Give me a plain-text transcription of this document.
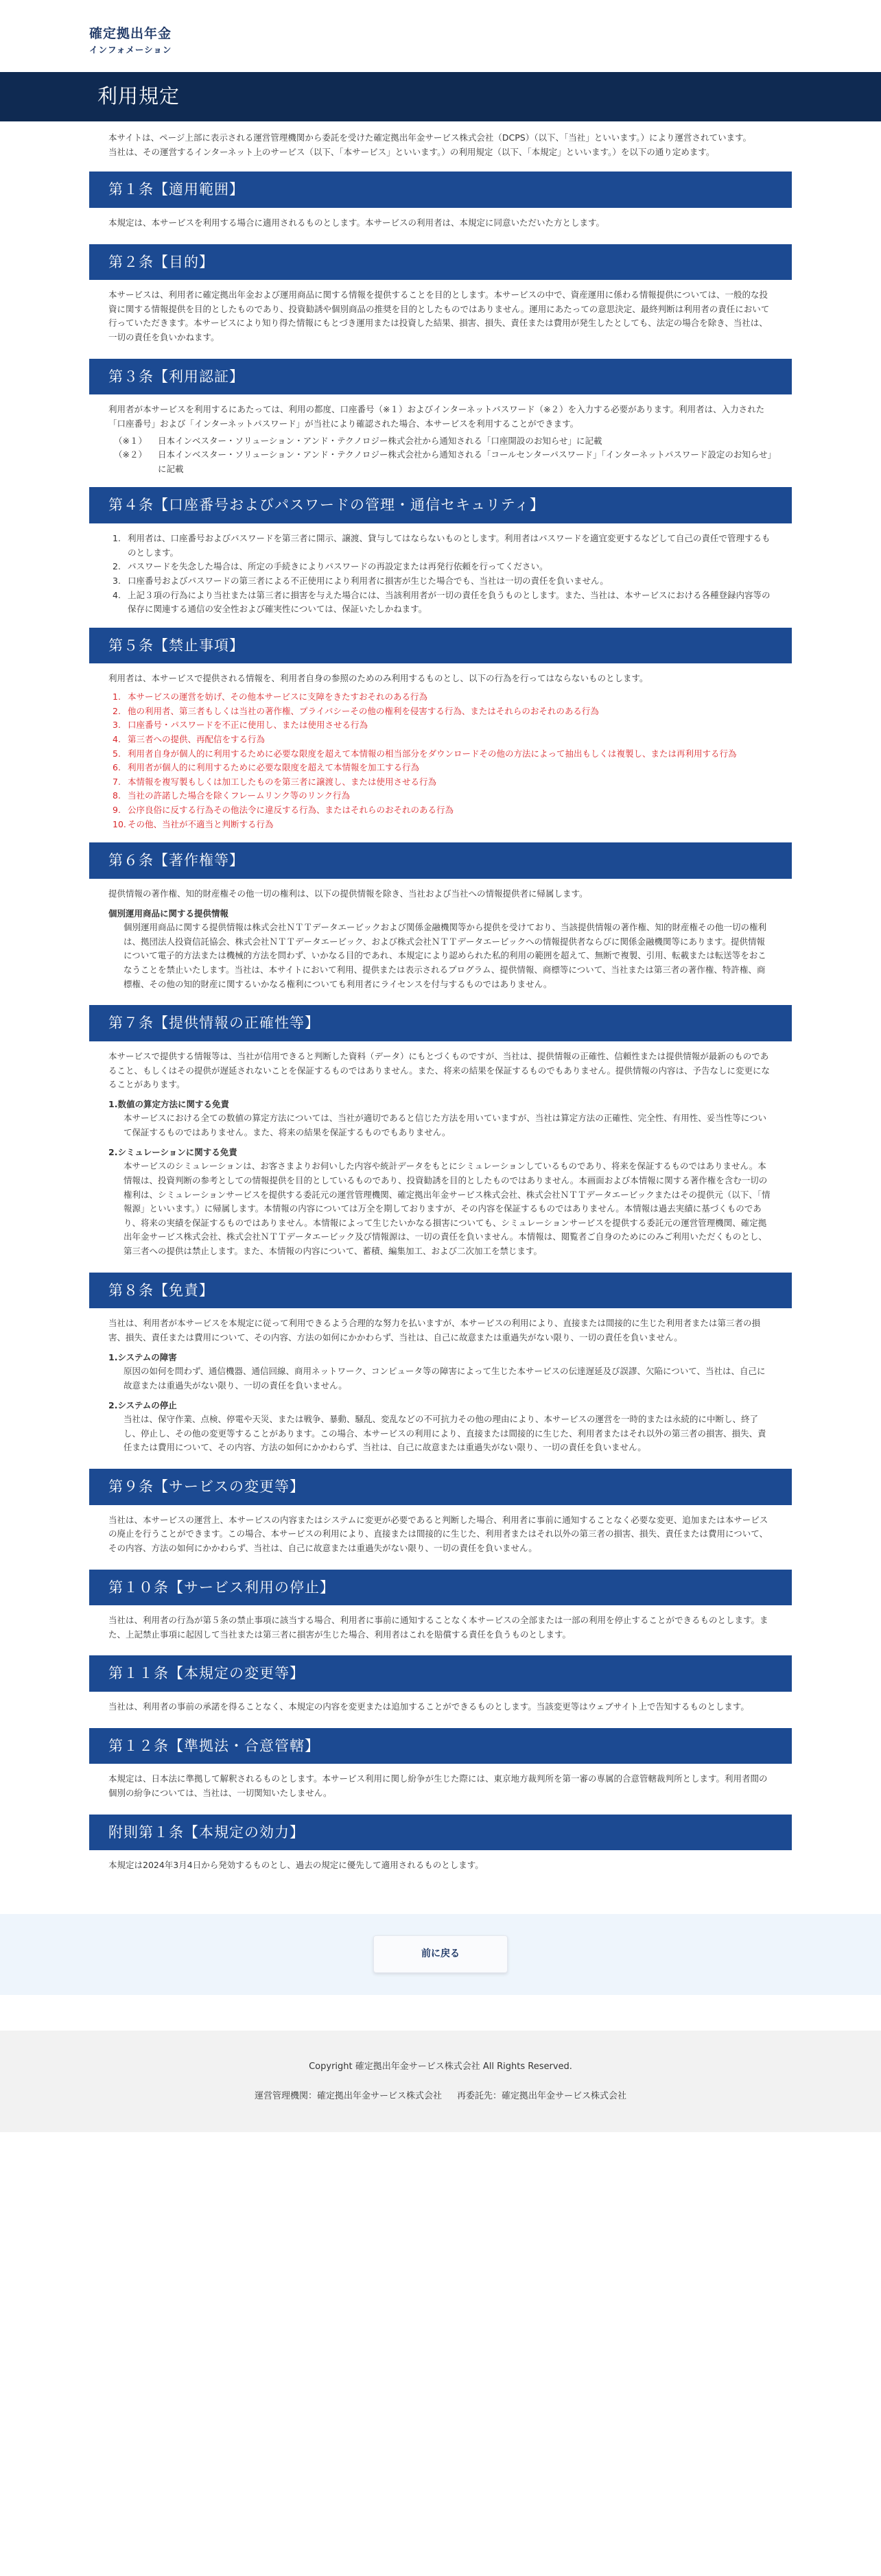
確定拠出年金
インフォメーション
利用規定

本サイトは、ページ上部に表示される運営管理機関から委託を受けた確定拠出年金サービス株式会社（DCPS）（以下、「当社」といいます。）により運営されています。

当社は、その運営するインターネット上のサービス（以下、「本サービス」といいます。）の利用規定（以下、「本規定」といいます。）を以下の通り定めます。

第１条【適用範囲】

本規定は、本サービスを利用する場合に適用されるものとします。本サービスの利用者は、本規定に同意いただいた方とします。

第２条【目的】

本サービスは、利用者に確定拠出年金および運用商品に関する情報を提供することを目的とします。本サービスの中で、資産運用に係わる情報提供については、一般的な投資に関する情報提供を目的としたものであり、投資勧誘や個別商品の推奨を目的としたものではありません。運用にあたっての意思決定、最終判断は利用者の責任において行っていただきます。本サービスにより知り得た情報にもとづき運用または投資した結果、損害、損失、責任または費用が発生したとしても、法定の場合を除き、当社は、一切の責任を負いかねます。

第３条【利用認証】

利用者が本サービスを利用するにあたっては、利用の都度、口座番号（※１）およびインターネットパスワード（※２）を入力する必要があります。利用者は、入力された「口座番号」および「インターネットパスワード」が当社により確認された場合、本サービスを利用することができます。

（※１）	日本インベスター・ソリューション・アンド・テクノロジー株式会社から通知される「口座開設のお知らせ」に記載
（※２）	日本インベスター・ソリューション・アンド・テクノロジー株式会社から通知される「コールセンターパスワード」「インターネットパスワード設定のお知らせ」に記載
第４条【口座番号およびパスワードの管理・通信セキュリティ】
1. 利用者は、口座番号およびパスワードを第三者に開示、譲渡、貸与してはならないものとします。利用者はパスワードを適宜変更するなどして自己の責任で管理するものとします。
2. パスワードを失念した場合は、所定の手続きによりパスワードの再設定または再発行依頼を行ってください。
3. 口座番号およびパスワードの第三者による不正使用により利用者に損害が生じた場合でも、当社は一切の責任を負いません。
4. 上記３項の行為により当社または第三者に損害を与えた場合には、当該利用者が一切の責任を負うものとします。また、当社は、本サービスにおける各種登録内容等の保存に関連する通信の安全性および確実性については、保証いたしかねます。
第５条【禁止事項】

利用者は、本サービスで提供される情報を、利用者自身の参照のためのみ利用するものとし、以下の行為を行ってはならないものとします。

1. 本サービスの運営を妨げ、その他本サービスに支障をきたすおそれのある行為
2. 他の利用者、第三者もしくは当社の著作権、プライバシーその他の権利を侵害する行為、またはそれらのおそれのある行為
3. 口座番号・パスワードを不正に使用し、または使用させる行為
4. 第三者への提供、再配信をする行為
5. 利用者自身が個人的に利用するために必要な限度を超えて本情報の相当部分をダウンロードその他の方法によって抽出もしくは複製し、または再利用する行為
6. 利用者が個人的に利用するために必要な限度を超えて本情報を加工する行為
7. 本情報を複写製もしくは加工したものを第三者に譲渡し、または使用させる行為
8. 当社の許諾した場合を除くフレームリンク等のリンク行為
9. 公序良俗に反する行為その他法令に違反する行為、またはそれらのおそれのある行為
10. その他、当社が不適当と判断する行為
第６条【著作権等】

提供情報の著作権、知的財産権その他一切の権利は、以下の提供情報を除き、当社および当社への情報提供者に帰属します。

個別運用商品に関する提供情報

個別運用商品に関する提供情報は株式会社ＮＴＴデータエービックおよび関係金融機関等から提供を受けており、当該提供情報の著作権、知的財産権その他一切の権利は、拠団法人投資信託協会、株式会社ＮＴＴデータエービック、および株式会社ＮＴＴデータエービックへの情報提供者ならびに関係金融機関等にあります。提供情報について電子的方法または機械的方法を問わず、いかなる目的であれ、本規定により認められた私的利用の範囲を超えて、無断で複製、引用、転載または転送等をおこなうことを禁止いたします。当社は、本サイトにおいて利用、提供または表示されるプログラム、提供情報、商標等について、当社または第三者の著作権、特許権、商標権、その他の知的財産に関するいかなる権利についても利用者にライセンスを付与するものではありません。

第７条【提供情報の正確性等】

本サービスで提供する情報等は、当社が信用できると判断した資料（データ）にもとづくものですが、当社は、提供情報の正確性、信頼性または提供情報が最新のものであること、もしくはその提供が遅延されないことを保証するものではありません。また、将来の結果を保証するものでもありません。提供情報の内容は、予告なしに変更になることがあります。

1.数値の算定方法に関する免責

本サービスにおける全ての数値の算定方法については、当社が適切であると信じた方法を用いていますが、当社は算定方法の正確性、完全性、有用性、妥当性等について保証するものではありません。また、将来の結果を保証するものでもありません。

2.シミュレーションに関する免責

本サービスのシミュレーションは、お客さまよりお伺いした内容や統計データをもとにシミュレーションしているものであり、将来を保証するものではありません。本情報は、投資判断の参考としての情報提供を目的としているものであり、投資勧誘を目的としたものではありません。本画面および本情報に関する著作権を含む一切の権利は、シミュレーションサービスを提供する委託元の運営管理機関、確定拠出年金サービス株式会社、株式会社ＮＴＴデータエービックまたはその提供元（以下、「情報源」といいます。）に帰属します。本情報の内容については万全を期しておりますが、その内容を保証するものではありません。本情報は過去実績に基づくものであり、将来の実績を保証するものではありません。本情報によって生じたいかなる損害についても、シミュレーションサービスを提供する委託元の運営管理機関、確定拠出年金サービス株式会社、株式会社ＮＴＴデータエービック及び情報源は、一切の責任を負いません。本情報は、閲覧者ご自身のためにのみご利用いただくものとし、第三者への提供は禁止します。また、本情報の内容について、蓄積、編集加工、および二次加工を禁じます。

第８条【免責】

当社は、利用者が本サービスを本規定に従って利用できるよう合理的な努力を払いますが、本サービスの利用により、直接または間接的に生じた利用者または第三者の損害、損失、責任または費用について、その内容、方法の如何にかかわらず、当社は、自己に故意または重過失がない限り、一切の責任を負いません。

1.システムの障害

原因の如何を問わず、通信機器、通信回線、商用ネットワーク、コンピュータ等の障害によって生じた本サービスの伝達遅延及び誤謬、欠陥について、当社は、自己に故意または重過失がない限り、一切の責任を負いません。

2.システムの停止

当社は、保守作業、点検、停電や天災、または戦争、暴動、騒乱、変乱などの不可抗力その他の理由により、本サービスの運営を一時的または永続的に中断し、終了し、停止し、その他の変更等することがあります。この場合、本サービスの利用により、直接または間接的に生じた、利用者またはそれ以外の第三者の損害、損失、責任または費用について、その内容、方法の如何にかかわらず、当社は、自己に故意または重過失がない限り、一切の責任を負いません。

第９条【サービスの変更等】

当社は、本サービスの運営上、本サービスの内容またはシステムに変更が必要であると判断した場合、利用者に事前に通知することなく必要な変更、追加または本サービスの廃止を行うことができます。この場合、本サービスの利用により、直接または間接的に生じた、利用者またはそれ以外の第三者の損害、損失、責任または費用について、その内容、方法の如何にかかわらず、当社は、自己に故意または重過失がない限り、一切の責任を負いません。

第１０条【サービス利用の停止】

当社は、利用者の行為が第５条の禁止事項に該当する場合、利用者に事前に通知することなく本サービスの全部または一部の利用を停止することができるものとします。また、上記禁止事項に起因して当社または第三者に損害が生じた場合、利用者はこれを賠償する責任を負うものとします。

第１１条【本規定の変更等】

当社は、利用者の事前の承諾を得ることなく、本規定の内容を変更または追加することができるものとします。当該変更等はウェブサイト上で告知するものとします。

第１２条【準拠法・合意管轄】

本規定は、日本法に準拠して解釈されるものとします。本サービス利用に関し紛争が生じた際には、東京地方裁判所を第一審の専属的合意管轄裁判所とします。利用者間の個別の紛争については、当社は、一切関知いたしません。

附則第１条【本規定の効力】

本規定は2024年3月4日から発効するものとし、過去の規定に優先して適用されるものとします。

前に戻る
Copyright 確定拠出年金サービス株式会社 All Rights Reserved.
運営管理機関：確定拠出年金サービス株式会社 再委託先：確定拠出年金サービス株式会社
